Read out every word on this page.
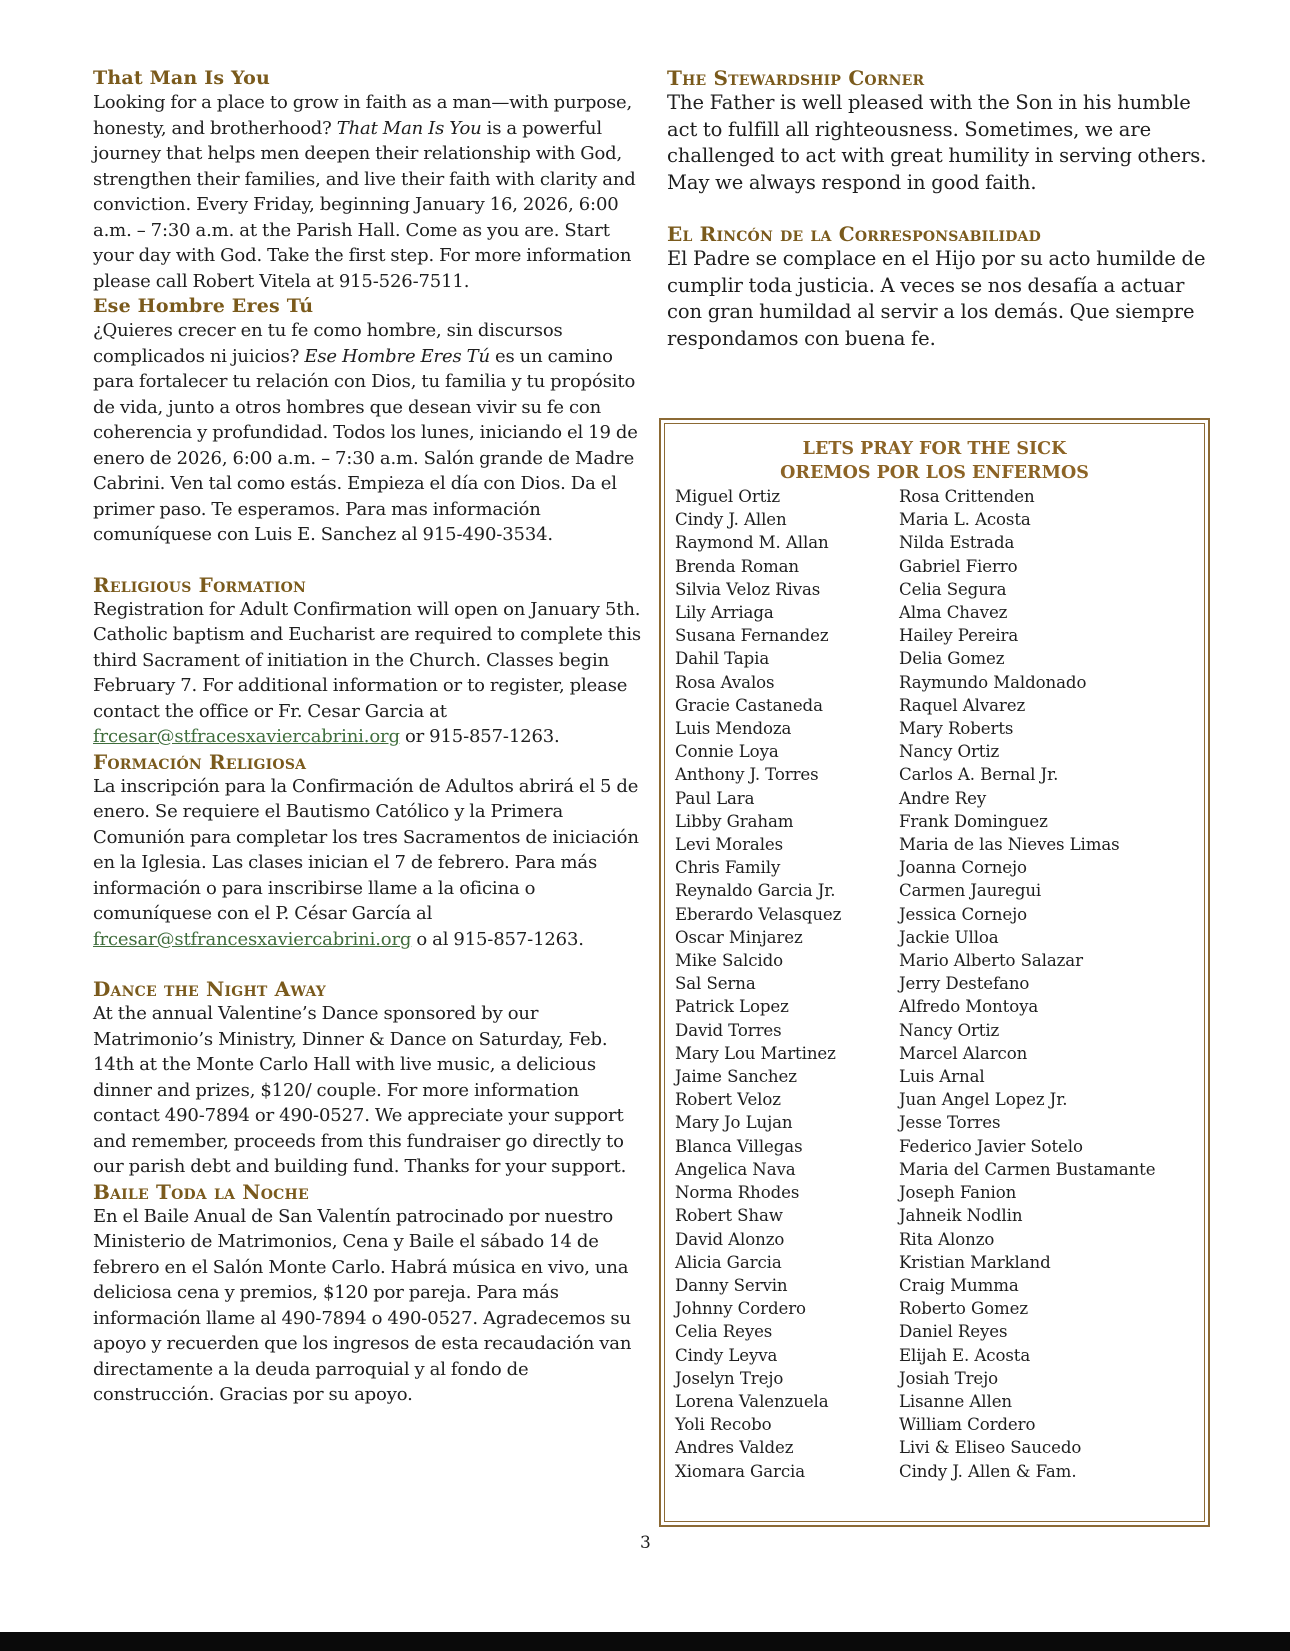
That Man Is You

Looking for a place to grow in faith as a man—with purpose, honesty, and brotherhood? That Man Is You is a powerful journey that helps men deepen their relationship with God, strengthen their families, and live their faith with clarity and conviction. Every Friday, beginning January 16, 2026, 6:00 a.m. – 7:30 a.m. at the Parish Hall. Come as you are. Start your day with God. Take the first step. For more information please call Robert Vitela at 915-526-7511.

Ese Hombre Eres Tú

¿Quieres crecer en tu fe como hombre, sin discursos complicados ni juicios? Ese Hombre Eres Tú es un camino para fortalecer tu relación con Dios, tu familia y tu propósito de vida, junto a otros hombres que desean vivir su fe con coherencia y profundidad. Todos los lunes, iniciando el 19 de enero de 2026, 6:00 a.m. – 7:30 a.m. Salón grande de Madre Cabrini. Ven tal como estás. Empieza el día con Dios. Da el primer paso. Te esperamos. Para mas información comuníquese con Luis E. Sanchez al 915-490-3534.

Religious Formation

Registration for Adult Confirmation will open on January 5th. Catholic baptism and Eucharist are required to complete this third Sacrament of initiation in the Church. Classes begin February 7. For additional information or to register, please contact the office or Fr. Cesar Garcia at frcesar@stfracesxaviercabrini.org or 915-857-1263.

Formación Religiosa

La inscripción para la Confirmación de Adultos abrirá el 5 de enero. Se requiere el Bautismo Católico y la Primera Comunión para completar los tres Sacramentos de iniciación en la Iglesia. Las clases inician el 7 de febrero. Para más información o para inscribirse llame a la oficina o comuníquese con el P. César García al frcesar@stfrancesxaviercabrini.org o al 915-857-1263.

Dance the Night Away

At the annual Valentine’s Dance sponsored by our Matrimonio’s Ministry, Dinner & Dance on Saturday, Feb. 14th at the Monte Carlo Hall with live music, a delicious dinner and prizes, $120/ couple. For more information contact 490-7894 or 490-0527. We appreciate your support and remember, proceeds from this fundraiser go directly to our parish debt and building fund. Thanks for your support.

Baile Toda la Noche

En el Baile Anual de San Valentín patrocinado por nuestro Ministerio de Matrimonios, Cena y Baile el sábado 14 de febrero en el Salón Monte Carlo. Habrá música en vivo, una deliciosa cena y premios, $120 por pareja. Para más información llame al 490-7894 o 490-0527. Agradecemos su apoyo y recuerden que los ingresos de esta recaudación van directamente a la deuda parroquial y al fondo de construcción. Gracias por su apoyo.

The Stewardship Corner

The Father is well pleased with the Son in his humble act to fulfill all righteousness. Sometimes, we are challenged to act with great humility in serving others. May we always respond in good faith.

El Rincón de la Corresponsabilidad

El Padre se complace en el Hijo por su acto humilde de cumplir toda justicia. A veces se nos desafía a actuar con gran humildad al servir a los demás. Que siempre respondamos con buena fe.

LETS PRAY FOR THE SICK
OREMOS POR LOS ENFERMOS
Miguel Ortiz
Cindy J. Allen
Raymond M. Allan
Brenda Roman
Silvia Veloz Rivas
Lily Arriaga
Susana Fernandez
Dahil Tapia
Rosa Avalos
Gracie Castaneda
Luis Mendoza
Connie Loya
Anthony J. Torres
Paul Lara
Libby Graham
Levi Morales
Chris Family
Reynaldo Garcia Jr.
Eberardo Velasquez
Oscar Minjarez
Mike Salcido
Sal Serna
Patrick Lopez
David Torres
Mary Lou Martinez
Jaime Sanchez
Robert Veloz
Mary Jo Lujan
Blanca Villegas
Angelica Nava
Norma Rhodes
Robert Shaw
David Alonzo
Alicia Garcia
Danny Servin
Johnny Cordero
Celia Reyes
Cindy Leyva
Joselyn Trejo
Lorena Valenzuela
Yoli Recobo
Andres Valdez
Xiomara Garcia
Rosa Crittenden
Maria L. Acosta
Nilda Estrada
Gabriel Fierro
Celia Segura
Alma Chavez
Hailey Pereira
Delia Gomez
Raymundo Maldonado
Raquel Alvarez
Mary Roberts
Nancy Ortiz
Carlos A. Bernal Jr.
Andre Rey
Frank Dominguez
Maria de las Nieves Limas
Joanna Cornejo
Carmen Jauregui
Jessica Cornejo
Jackie Ulloa
Mario Alberto Salazar
Jerry Destefano
Alfredo Montoya
Nancy Ortiz
Marcel Alarcon
Luis Arnal
Juan Angel Lopez Jr.
Jesse Torres
Federico Javier Sotelo
Maria del Carmen Bustamante
Joseph Fanion
Jahneik Nodlin
Rita Alonzo
Kristian Markland
Craig Mumma
Roberto Gomez
Daniel Reyes
Elijah E. Acosta
Josiah Trejo
Lisanne Allen
William Cordero
Livi & Eliseo Saucedo
Cindy J. Allen & Fam.
3
